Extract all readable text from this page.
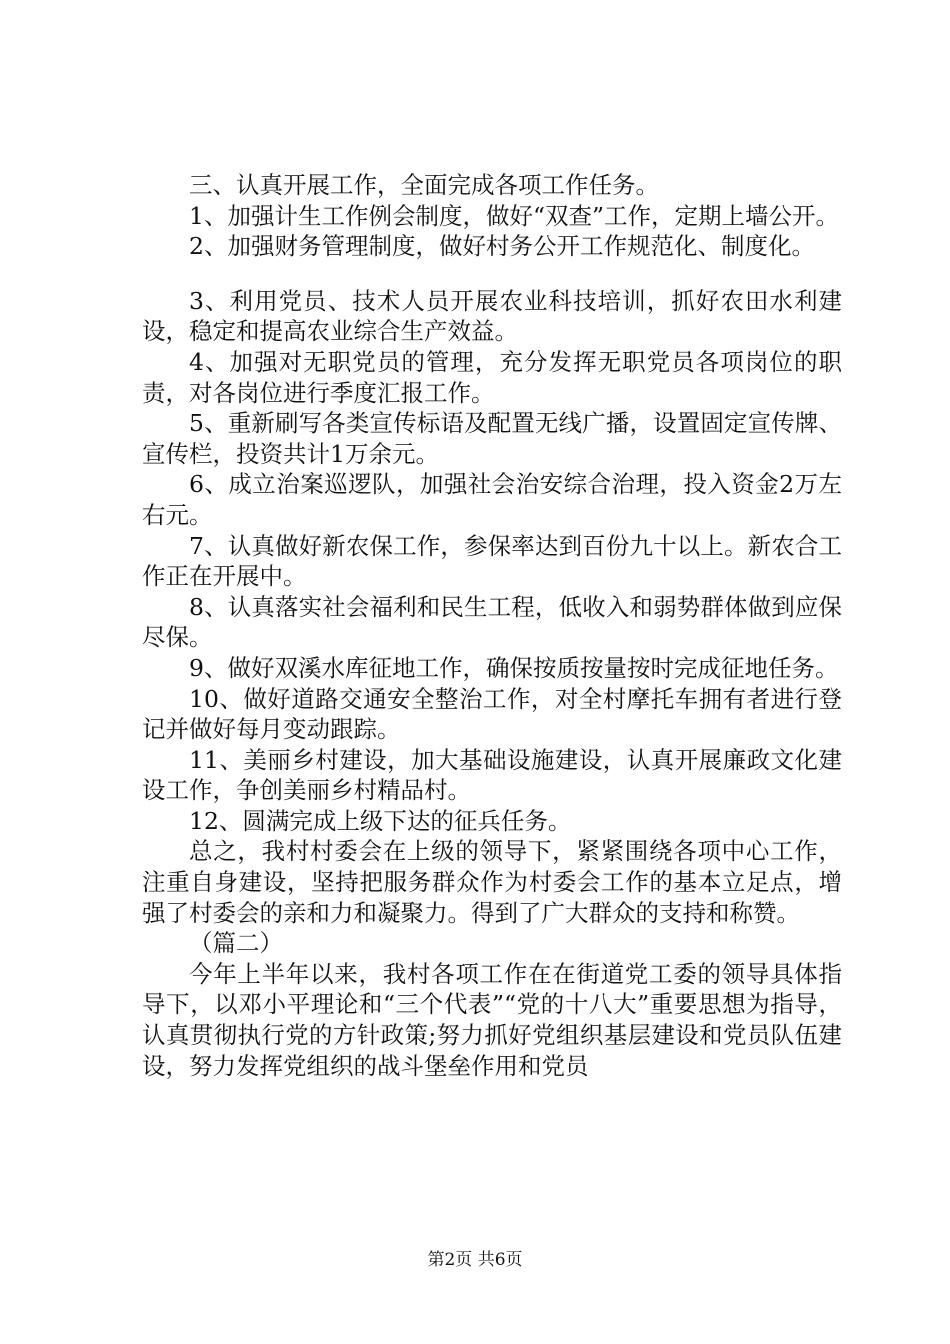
三、认真开展工作，全面完成各项工作任务。

1、加强计生工作例会制度，做好“双查”工作，定期上墙公开。

2、加强财务管理制度，做好村务公开工作规范化、制度化。

3、利用党员、技术人员开展农业科技培训，抓好农田水利建设，稳定和提高农业综合生产效益。

4、加强对无职党员的管理，充分发挥无职党员各项岗位的职责，对各岗位进行季度汇报工作。

5、重新刷写各类宣传标语及配置无线广播，设置固定宣传牌、宣传栏，投资共计1万余元。

6、成立治案巡逻队，加强社会治安综合治理，投入资金2万左右元。

7、认真做好新农保工作，参保率达到百份九十以上。新农合工作正在开展中。

8、认真落实社会福利和民生工程，低收入和弱势群体做到应保尽保。

9、做好双溪水库征地工作，确保按质按量按时完成征地任务。

10、做好道路交通安全整治工作，对全村摩托车拥有者进行登记并做好每月变动跟踪。

11、美丽乡村建设，加大基础设施建设，认真开展廉政文化建设工作，争创美丽乡村精品村。

12、圆满完成上级下达的征兵任务。

总之，我村村委会在上级的领导下，紧紧围绕各项中心工作，注重自身建设，坚持把服务群众作为村委会工作的基本立足点，增强了村委会的亲和力和凝聚力。得到了广大群众的支持和称赞。

（篇二）

今年上半年以来，我村各项工作在在街道党工委的领导具体指导下，以邓小平理论和“三个代表”“党的十八大”重要思想为指导，认真贯彻执行党的方针政策;努力抓好党组织基层建设和党员队伍建设，努力发挥党组织的战斗堡垒作用和党员

第2页 共6页
